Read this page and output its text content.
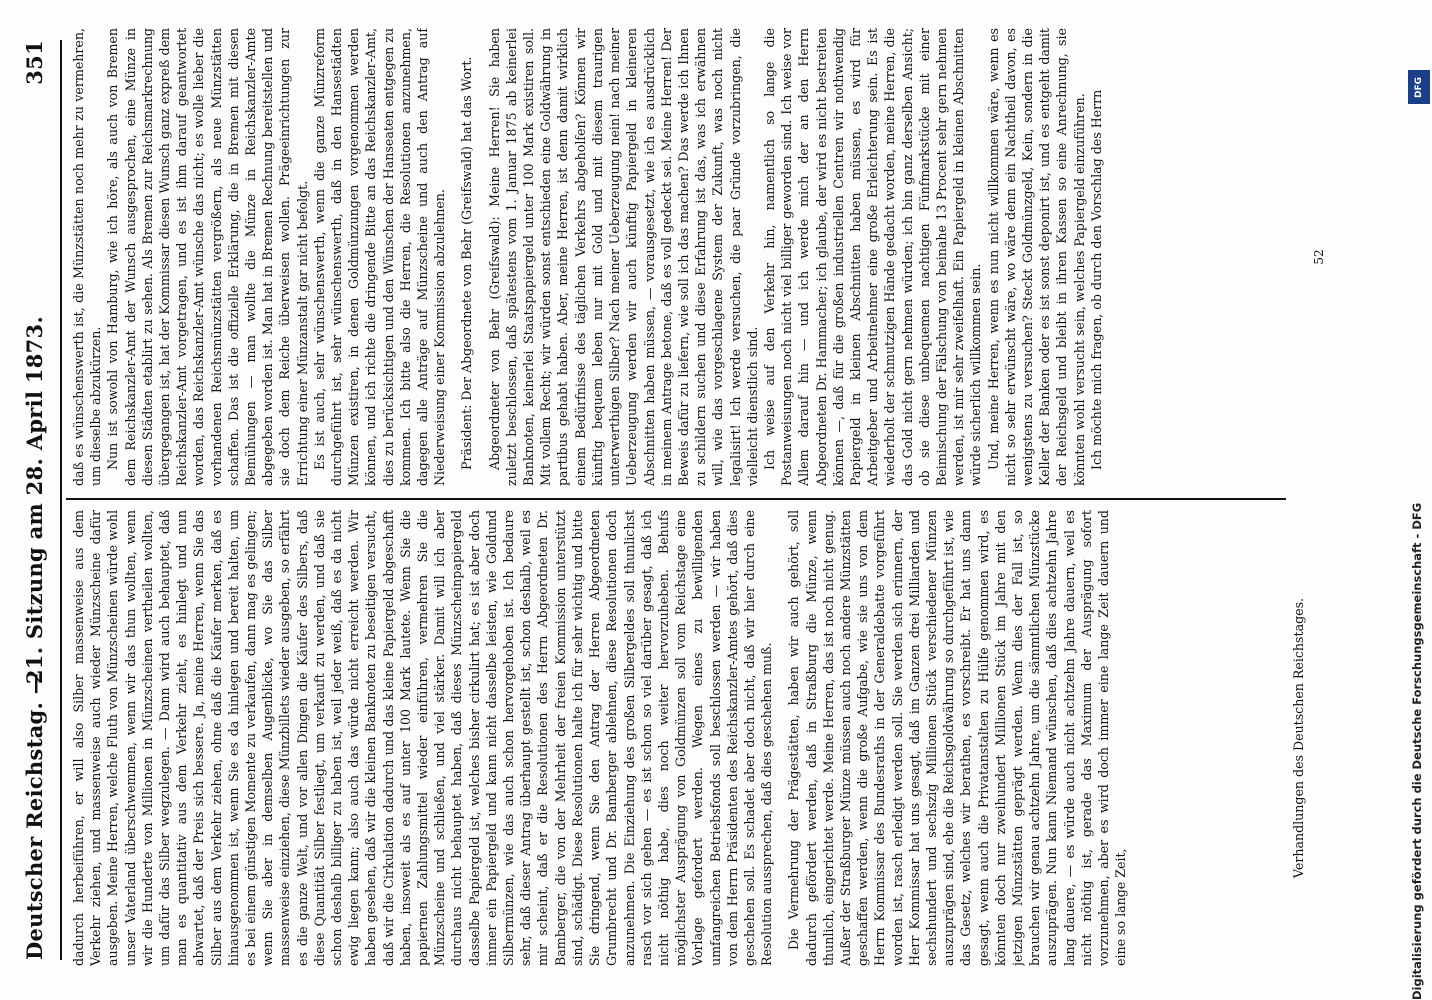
Deutscher Reichstag. —
21. Sitzung am 28. April 1873.
351

dadurch herbeiführen, er will also Silber massenweise aus dem Verkehr ziehen, und massenweise auch wieder Münzscheine dafür ausgeben. Meine Herren, welche Fluth von Münzscheinen würde wohl unser Vaterland überschwemmen, wenn wir das thun wollten, wenn wir die Hunderte von Millionen in Münzscheinen vertheilen wollten, um dafür das Silber wegzulegen. — Dann wird auch behauptet, daß man es quantitativ aus dem Verkehr zieht, es hinlegt und nun abwartet, daß der Preis sich bessere. Ja, meine Herren, wenn Sie das Silber aus dem Verkehr ziehen, ohne daß die Käufer merken, daß es hinausgenommen ist, wenn Sie es da hinlegen und bereit halten, um es bei einem günstigen Momente zu verkaufen, dann mag es gelingen; wenn Sie aber in demselben Augenblicke, wo Sie das Silber massenweise einziehen, diese Münzbillets wieder ausgeben, so erfährt es die ganze Welt, und vor allen Dingen die Käufer des Silbers, daß diese Quantität Silber festliegt, um verkauft zu werden, und daß sie schon deshalb billiger zu haben ist, weil jeder weiß, daß es da nicht ewig liegen kann; also auch das würde nicht erreicht werden. Wir haben gesehen, daß wir die kleinen Banknoten zu beseitigen versucht, daß wir die Cirkulation dadurch und das kleine Papiergeld abgeschafft haben, insoweit als es auf unter 100 Mark lautete. Wenn Sie die papiernen Zahlungsmittel wieder einführen, vermehren Sie die Münzscheine und schließen, und viel stärker. Damit will ich aber durchaus nicht behauptet haben, daß dieses Münzscheinpapiergeld dasselbe Papiergeld ist, welches bisher cirkulirt hat; es ist aber doch immer ein Papiergeld und kann nicht dasselbe leisten, wie Goldund Silbermünzen, wie das auch schon hervorgehoben ist. Ich bedaure sehr, daß dieser Antrag überhaupt gestellt ist, schon deshalb, weil es mir scheint, daß er die Resolutionen des Herrn Abgeordneten Dr. Bamberger, die von der Mehrheit der freien Kommission unterstützt sind, schädigt. Diese Resolutionen halte ich für sehr wichtig und bitte Sie dringend, wenn Sie den Antrag der Herren Abgeordneten Grumbrecht und Dr. Bamberger ablehnen, diese Resolutionen doch anzunehmen. Die Einziehung des großen Silbergeldes soll thunlichst rasch vor sich gehen — es ist schon so viel darüber gesagt, daß ich nicht nöthig habe, dies noch weiter hervorzuheben. Behufs möglichster Ausprägung von Goldmünzen soll vom Reichstage eine Vorlage gefordert werden. Wegen eines zu bewilligenden umfangreichen Betriebsfonds soll beschlossen werden — wir haben von dem Herrn Präsidenten des Reichskanzler-Amtes gehört, daß dies geschehen soll. Es schadet aber doch nicht, daß wir hier durch eine Resolution aussprechen, daß dies geschehen muß. Die Vermehrung der Prägestätten, haben wir auch gehört, soll dadurch gefördert werden, daß in Straßburg die Münze, wenn thunlich, eingerichtet werde. Meine Herren, das ist noch nicht genug. Außer der Straßburger Münze müssen auch noch andere Münzstätten geschaffen werden, wenn die große Aufgabe, wie sie uns von dem Herrn Kommissar des Bundesraths in der Generaldebatte vorgeführt worden ist, rasch erledigt werden soll. Sie werden sich erinnern, der Herr Kommissar hat uns gesagt, daß im Ganzen drei Milliarden und sechshundert und sechszig Millionen Stück verschiedener Münzen auszuprägen sind, ehe die Reichsgoldwährung so durchgeführt ist, wie das Gesetz, welches wir berathen, es vorschreibt. Er hat uns dann gesagt, wenn auch die Privatanstalten zu Hülfe genommen wird, es könnten doch nur zweihundert Millionen Stück im Jahre mit den jetzigen Münzstätten geprägt werden. Wenn dies der Fall ist, so brauchen wir genau achtzehn Jahre, um die sämmtlichen Münzstücke auszuprägen. Nun kann Niemand wünschen, daß dies achtzehn Jahre lang dauere, — es würde auch nicht achtzehn Jahre dauern, weil es nicht nöthig ist, gerade das Maximum der Ausprägung sofort vorzunehmen, aber es wird doch immer eine lange Zeit dauern und eine so lange Zeit,

Verhandlungen des Deutschen Reichstages.

daß es wünschenswerth ist, die Münzstätten noch mehr zu vermehren, um dieselbe abzukürzen. Nun ist sowohl von Hamburg, wie ich höre, als auch von Bremen dem Reichskanzler-Amt der Wunsch ausgesprochen, eine Münze in diesen Städten etablirt zu sehen. Als Bremen zur Reichsmarkrechnung übergegangen ist, hat der Kommissar diesen Wunsch ganz expreß dem Reichskanzler-Amt vorgetragen, und es ist ihm darauf geantwortet worden, das Reichskanzler-Amt wünsche das nicht; es wolle lieber die vorhandenen Reichsmünzstätten vergrößern, als neue Münzstätten schaffen. Das ist die offizielle Erklärung, die in Bremen mit diesen Bemühungen — man wollte die Münze in Reichskanzler-Amte abgegeben worden ist. Man hat in Bremen Rechnung bereitstellen und sie doch dem Reiche überweisen wollen. Prägeeinrichtungen zur Errichtung einer Münzanstalt gar nicht befolgt. Es ist auch, sehr wünschenswerth, wenn die ganze Münzreform durchgeführt ist, sehr wünschenswerth, daß in den Hansestädten Münzen existiren, in denen Goldmünzungen vorgenommen werden können, und ich richte die dringende Bitte an das Reichskanzler-Amt, dies zu berücksichtigen und den Wünschen der Hanseaten entgegen zu kommen. Ich bitte also die Herren, die Resolutionen anzunehmen, dagegen alle Anträge auf Münzscheine und auch den Antrag auf Niederweisung einer Kommission abzulehnen. Präsident: Der Abgeordnete von Behr (Greifswald) hat das Wort. Abgeordneter von Behr (Greifswald): Meine Herren! Sie haben zuletzt beschlossen, daß spätestens vom 1. Januar 1875 ab keinerlei Banknoten, keinerlei Staatspapiergeld unter 100 Mark existiren soll. Mit vollem Recht; wir würden sonst entschieden eine Goldwährung in partibus gehabt haben. Aber, meine Herren, ist denn damit wirklich einem Bedürfnisse des täglichen Verkehrs abgeholfen? Können wir künftig bequem leben nur mit Gold und mit diesem traurigen unterwerthigen Silber? Nach meiner Ueberzeugung nein! nach meiner Ueberzeugung werden wir auch künftig Papiergeld in kleineren Abschnitten haben müssen, — vorausgesetzt, wie ich es ausdrücklich in meinem Antrage betone, daß es voll gedeckt sei. Meine Herren! Der Beweis dafür zu liefern, wie soll ich das machen? Das werde ich Ihnen zu schildern suchen und diese Erfahrung ist das, was ich erwähnen will, wie das vorgeschlagene System der Zukunft, was noch nicht legalisirt! Ich werde versuchen, die paar Gründe vorzubringen, die vielleicht dienstlich sind. Ich weise auf den Verkehr hin, namentlich so lange die Postanweisungen noch nicht viel billiger geworden sind. Ich weise vor Allem darauf hin — und ich werde mich der an den Herrn Abgeordneten Dr. Hammacher; ich glaube, der wird es nicht bestreiten können —, daß für die großen industriellen Centren wir nothwendig Papiergeld in kleinen Abschnitten haben müssen, es wird für Arbeitgeber und Arbeitnehmer eine große Erleichterung sein. Es ist wiederholt der schmutzigen Hände gedacht worden, meine Herren, die das Gold nicht gern nehmen würden; ich bin ganz derselben Ansicht; ob sie diese unbequemen nachtigen Fünfmarkstücke mit einer Beimischung der Fälschung von beinahe 13 Procent sehr gern nehmen werden, ist mir sehr zweifelhaft. Ein Papiergeld in kleinen Abschnitten würde sicherlich willkommen sein. Und, meine Herren, wenn es nun nicht willkommen wäre, wenn es nicht so sehr erwünscht wäre, wo wäre denn ein Nachtheil davon, es wenigstens zu versuchen? Steckt Goldmünzgeld, Kein, sondern in die Keller der Banken oder es ist sonst deponirt ist, und es entgeht damit der Reichsgeld und bleibt in ihren Kassen so eine Anrechnung, sie könnten wohl versucht sein, welches Papiergeld einzuführen. Ich möchte mich fragen, ob durch den Vorschlag des Herrn	52
DFG
Digitalisierung gefördert durch die Deutsche Forschungsgemeinschaft - DFG
